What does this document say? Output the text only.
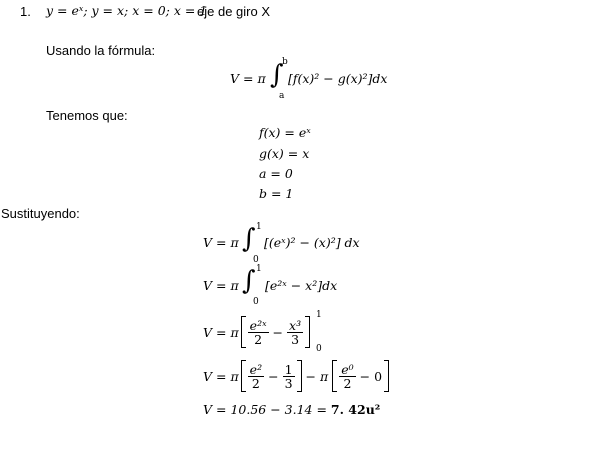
1. y = eˣ; y = x; x = 0; x = 1
eje de giro X
Usando la fórmula:
V = π ∫
b
a
[f(x)² − g(x)²]dx
Tenemos que:
f(x) = eˣ
g(x) = x
a = 0
b = 1
Sustituyendo:
V = π ∫ 1
0
[(eˣ)² − (x)²] dx
V = π ∫ 1
0
[e²ˣ − x²]dx
V = π $\frac{\text{e²ˣ}}{2} - \frac{\text{x³}}{3}$
1
0
V = π $\frac{\text{e²}}{2} - \frac{1}{3} - \pi \frac{\text{e⁰}}{2} - 0$
V = 10.56 − 3.14 = 7. 42u²
